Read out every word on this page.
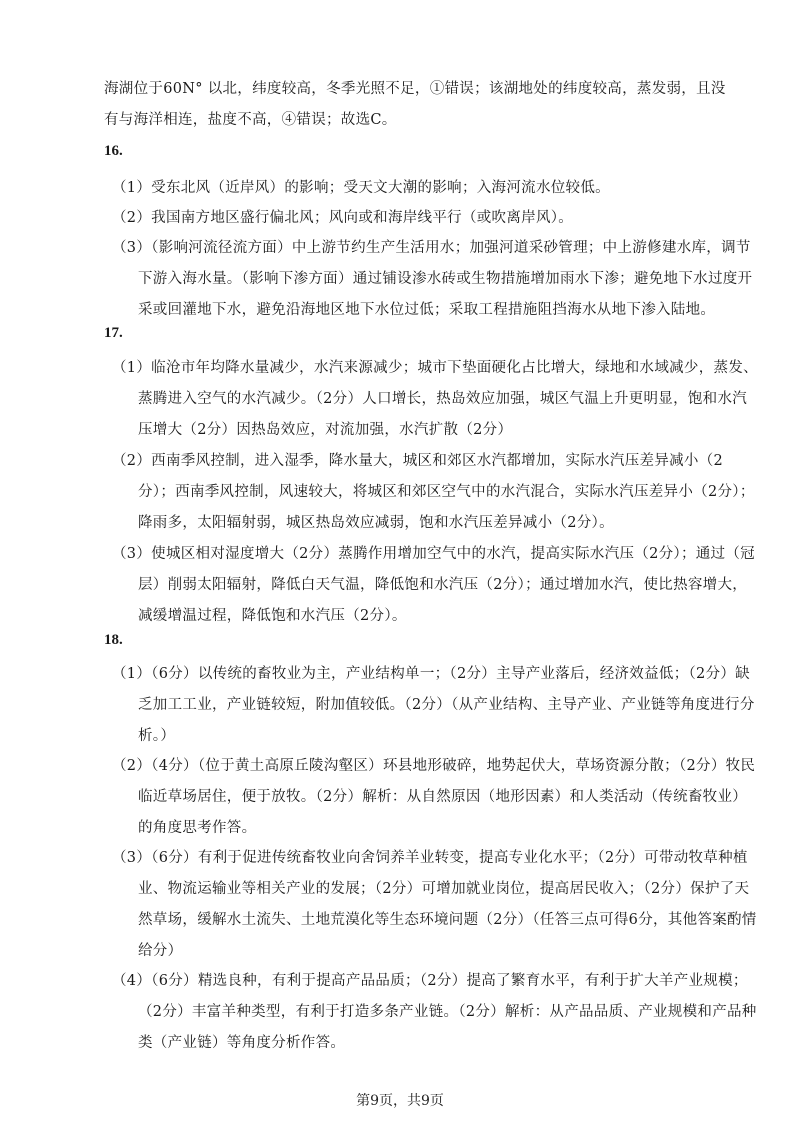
海湖位于60N° 以北，纬度较高，冬季光照不足，①错误；该湖地处的纬度较高，蒸发弱，且没有与海洋相连，盐度不高，④错误；故选C。
16.
（1）受东北风（近岸风）的影响；受天文大潮的影响；入海河流水位较低。
（2）我国南方地区盛行偏北风；风向或和海岸线平行（或吹离岸风）。
（3）（影响河流径流方面）中上游节约生产生活用水；加强河道采砂管理；中上游修建水库，调节下游入海水量。（影响下渗方面）通过铺设渗水砖或生物措施增加雨水下渗；避免地下水过度开采或回灌地下水，避免沿海地区地下水位过低；采取工程措施阻挡海水从地下渗入陆地。
17.
（1）临沧市年均降水量减少，水汽来源减少；城市下垫面硬化占比增大，绿地和水域减少，蒸发、蒸腾进入空气的水汽减少。（2分）人口增长，热岛效应加强，城区气温上升更明显，饱和水汽压增大（2分）因热岛效应，对流加强，水汽扩散（2分）
（2）西南季风控制，进入湿季，降水量大，城区和郊区水汽都增加，实际水汽压差异减小（2分）；西南季风控制，风速较大，将城区和郊区空气中的水汽混合，实际水汽压差异小（2分）；降雨多，太阳辐射弱，城区热岛效应减弱，饱和水汽压差异减小（2分）。
（3）使城区相对湿度增大（2分）蒸腾作用增加空气中的水汽，提高实际水汽压（2分）；通过（冠层）削弱太阳辐射，降低白天气温，降低饱和水汽压（2分）；通过增加水汽，使比热容增大，减缓增温过程，降低饱和水汽压（2分）。
18.
（1）（6分）以传统的畜牧业为主，产业结构单一；（2分）主导产业落后，经济效益低；（2分）缺乏加工工业，产业链较短，附加值较低。（2分）（从产业结构、主导产业、产业链等角度进行分析。）
（2）（4分）（位于黄土高原丘陵沟壑区）环县地形破碎，地势起伏大，草场资源分散；（2分）牧民临近草场居住，便于放牧。（2分）解析：从自然原因（地形因素）和人类活动（传统畜牧业）的角度思考作答。
（3）（6分）有利于促进传统畜牧业向舍饲养羊业转变，提高专业化水平；（2分）可带动牧草种植业、物流运输业等相关产业的发展；（2分）可增加就业岗位，提高居民收入；（2分）保护了天然草场，缓解水土流失、土地荒漠化等生态环境问题（2分）（任答三点可得6分，其他答案酌情给分）
（4）（6分）精选良种，有利于提高产品品质；（2分）提高了繁育水平，有利于扩大羊产业规模；（2分）丰富羊种类型，有利于打造多条产业链。（2分）解析：从产品品质、产业规模和产品种类（产业链）等角度分析作答。
第9页，共9页
